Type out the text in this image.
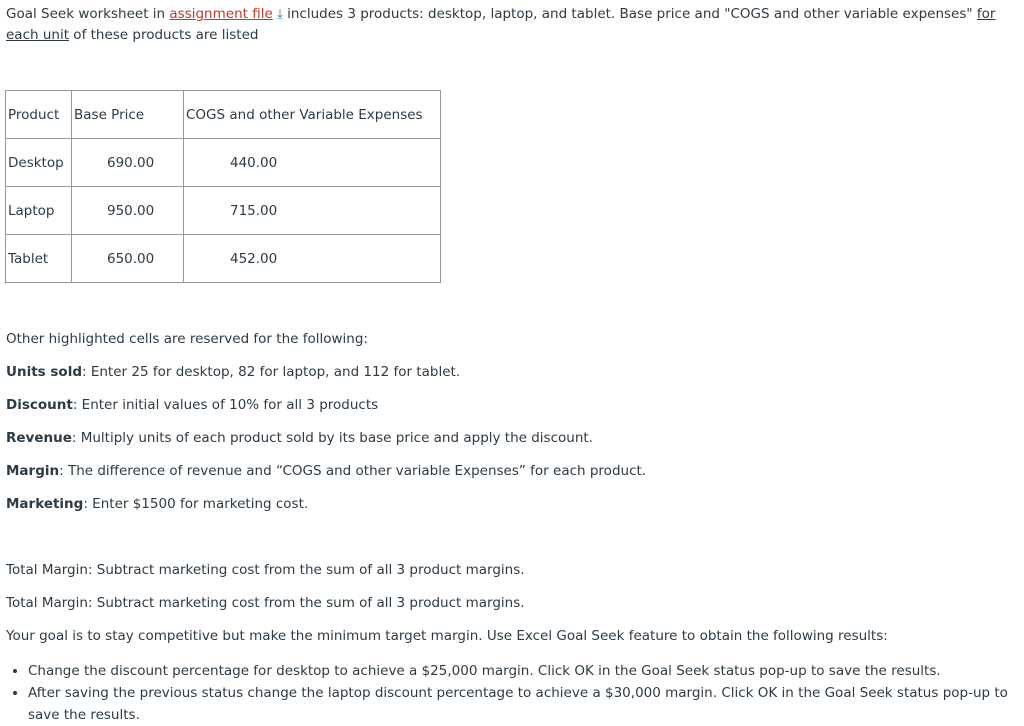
Goal Seek worksheet in assignment file ⤓ includes 3 products: desktop, laptop, and tablet. Base price and "COGS and other variable expenses" for each unit of these products are listed
Product	Base Price	COGS and other Variable Expenses
Desktop	690.00	440.00
Laptop	950.00	715.00
Tablet	650.00	452.00

Other highlighted cells are reserved for the following:

Units sold: Enter 25 for desktop, 82 for laptop, and 112 for tablet.

Discount: Enter initial values of 10% for all 3 products

Revenue: Multiply units of each product sold by its base price and apply the discount.

Margin: The difference of revenue and “COGS and other variable Expenses” for each product.

Marketing: Enter $1500 for marketing cost.

Total Margin: Subtract marketing cost from the sum of all 3 product margins.

Total Margin: Subtract marketing cost from the sum of all 3 product margins.

Your goal is to stay competitive but make the minimum target margin. Use Excel Goal Seek feature to obtain the following results:

• Change the discount percentage for desktop to achieve a $25,000 margin. Click OK in the Goal Seek status pop-up to save the results.
• After saving the previous status change the laptop discount percentage to achieve a $30,000 margin. Click OK in the Goal Seek status pop-up to save the results.
